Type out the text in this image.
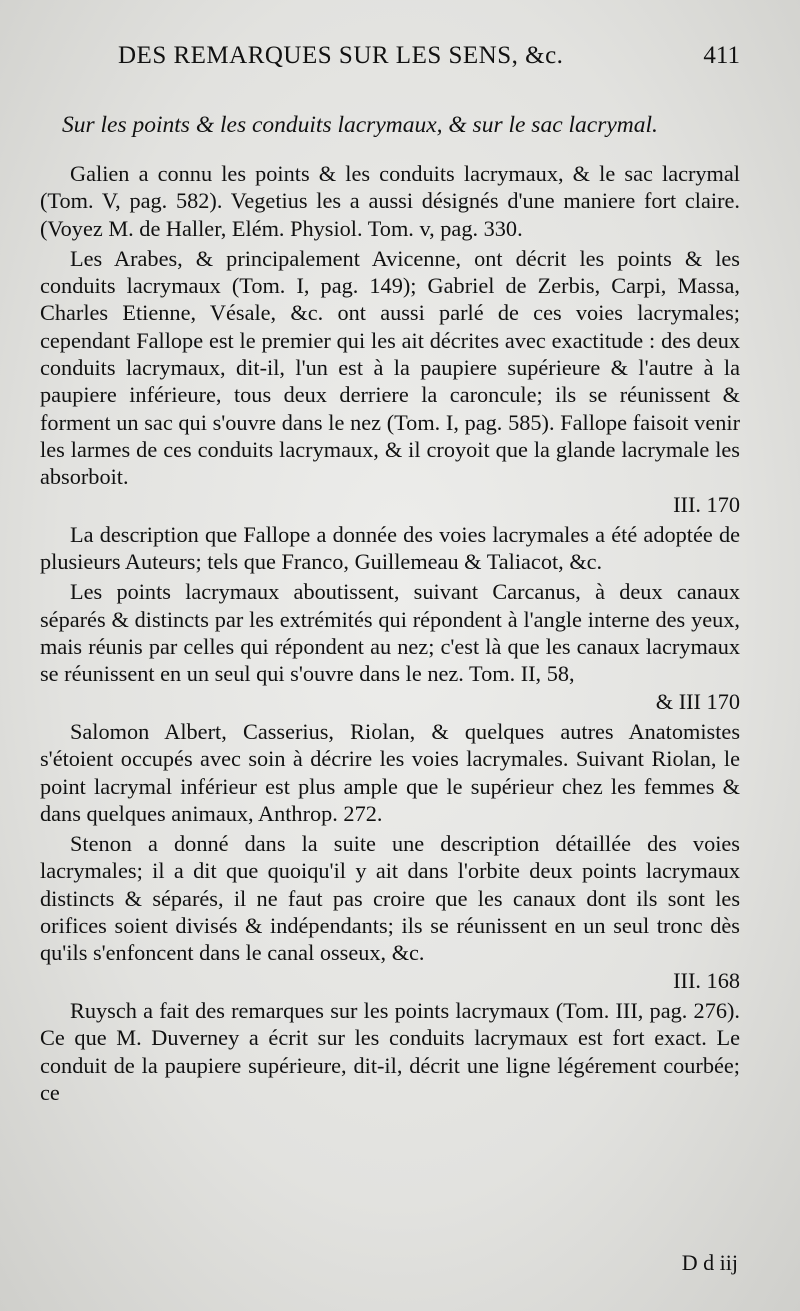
DES REMARQUES SUR LES SENS, &c.	411
Sur les points & les conduits lacrymaux, & sur le sac lacrymal.

Galien a connu les points & les conduits lacrymaux, & le sac lacrymal (Tom. V, pag. 582). Vegetius les a aussi désignés d'une maniere fort claire. (Voyez M. de Haller, Elém. Physiol. Tom. v, pag. 330.

Les Arabes, & principalement Avicenne, ont décrit les points & les conduits lacrymaux (Tom. I, pag. 149); Gabriel de Zerbis, Carpi, Massa, Charles Etienne, Vésale, &c. ont aussi parlé de ces voies lacrymales; cependant Fallope est le premier qui les ait décrites avec exactitude : des deux conduits lacrymaux, dit-il, l'un est à la paupiere supérieure & l'autre à la paupiere inférieure, tous deux derriere la caroncule; ils se réunissent & forment un sac qui s'ouvre dans le nez (Tom. I, pag. 585). Fallope faisoit venir les larmes de ces conduits lacrymaux, & il croyoit que la glande lacrymale les absorboit.
III. 170

La description que Fallope a donnée des voies lacrymales a été adoptée de plusieurs Auteurs; tels que Franco, Guillemeau & Taliacot, &c.

Les points lacrymaux aboutissent, suivant Carcanus, à deux canaux séparés & distincts par les extrémités qui répondent à l'angle interne des yeux, mais réunis par celles qui répondent au nez; c'est là que les canaux lacrymaux se réunissent en un seul qui s'ouvre dans le nez. Tom. II, 58,
& III 170

Salomon Albert, Casserius, Riolan, & quelques autres Anatomistes s'étoient occupés avec soin à décrire les voies lacrymales. Suivant Riolan, le point lacrymal inférieur est plus ample que le supérieur chez les femmes & dans quelques animaux, Anthrop. 272.

Stenon a donné dans la suite une description détaillée des voies lacrymales; il a dit que quoiqu'il y ait dans l'orbite deux points lacrymaux distincts & séparés, il ne faut pas croire que les canaux dont ils sont les orifices soient divisés & indépendants; ils se réunissent en un seul tronc dès qu'ils s'enfoncent dans le canal osseux, &c.
III. 168

Ruysch a fait des remarques sur les points lacrymaux (Tom. III, pag. 276). Ce que M. Duverney a écrit sur les conduits lacrymaux est fort exact. Le conduit de la paupiere supérieure, dit-il, décrit une ligne légérement courbée; ce

D d iij
